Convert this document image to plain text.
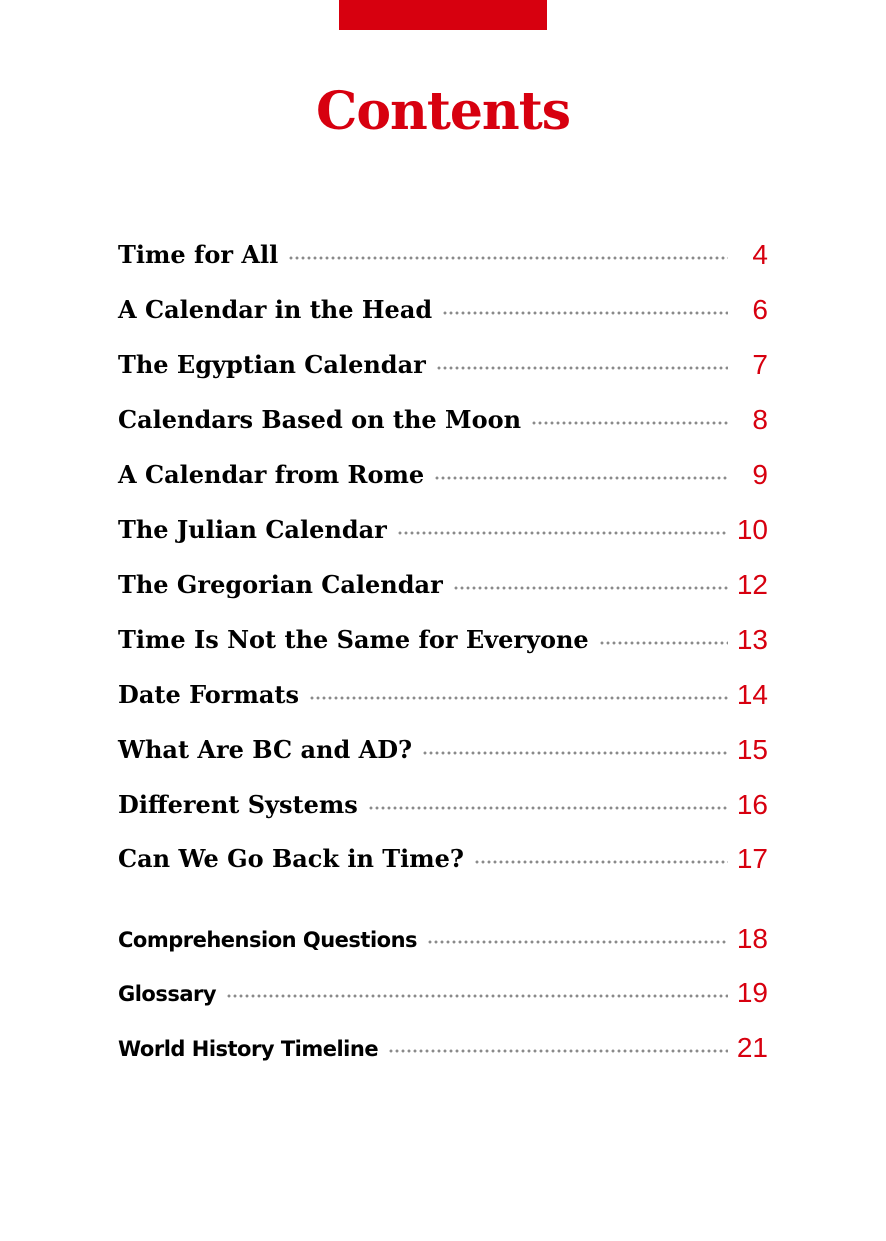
Contents
Time for All	4
A Calendar in the Head	6
The Egyptian Calendar	7
Calendars Based on the Moon	8
A Calendar from Rome	9
The Julian Calendar	10
The Gregorian Calendar	12
Time Is Not the Same for Everyone	13
Date Formats	14
What Are BC and AD?	15
Different Systems	16
Can We Go Back in Time?	17
Comprehension Questions	18
Glossary	19
World History Timeline	21
